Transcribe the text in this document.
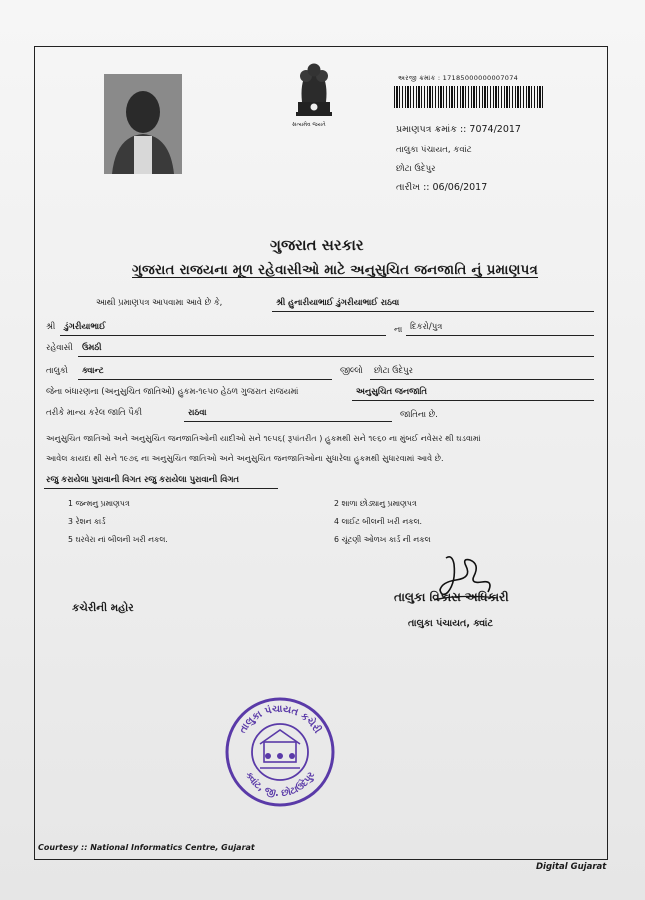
સત્યમેવ જયતે
અરજી ક્રમાંક : 17185000000007074
પ્રમાણપત્ર ક્રમાંક :: 7074/2017
તાલુકા પંચાયત, કવાંટ
છોટા ઉદેપુર
તારીખ :: 06/06/2017
ગુજરાત સરકાર
ગુજરાત રાજયના મૂળ રહેવાસીઓ માટે અનુસુચિત જનજાતિ નું પ્રમાણપત્ર
આથી પ્રમાણપત્ર આપવામા આવે છે કે,	શ્રી હુનારીયાભાઈ ડુંગરીયાભાઈ રાઠવા
શ્રી ડુંગરીયાભાઈ	ના દિકરો/પુત્ર
રહેવાસી ઉમઠી
તાલુકો ક્વાન્ટ	જીલ્લો છોટા ઉદેપુર
જેના બંધારણના (અનુસુચિત જાતિઓ) હુકમ-૧૯૫૦ હેઠળ ગુજરાત રાજયમાં	અનુસુચિત જનજાતિ
તરીકે માન્ય કરેલ જાતિ પૈકી	રાઠવા	જાતિના છે.
અનુસુચિત જાતિઓ અને અનુસુચિત જનજાતિઓની યાદીઓ સને ૧૯૫૬( રૂપાંતરીત ) હુકમથી સને ૧૯૬૦ ના મુંબઈ નવેસર થી ઘડવામાં
આવેલ કાયદા થી સને ૧૯૭૬ ના અનુસુચિત જાતિઓ અને અનુસુચિત જનજાતિઓના સુધારેલા હુકમથી સુધારવામાં આવે છે.
રજુ કરાયેલા પુરાવાની વિગત રજુ કરાયેલા પુરાવાની વિગત
1 જન્મનુ પ્રમાણપત્ર	2 શાળા છોડ્યાનુ પ્રમાણપત્ર
3 રેશન કાર્ડ	4 લાઈટ બીલની ખરી નકલ.
5 ઘરવેરા નાં બીલની ખરી નકલ.	6 ચૂંટણી ઓળખ કાર્ડ ની નકલ
તાલુકા વિકાસ અધિકારી
તાલુકા પંચાયત, ક્વાંટ
કચેરીની મહોર
તાલુકા પંચાયત કચેરી
ક્વાંટ, જી. છોટાઉદેપુર
Courtesy :: National Informatics Centre, Gujarat
Digital Gujarat
